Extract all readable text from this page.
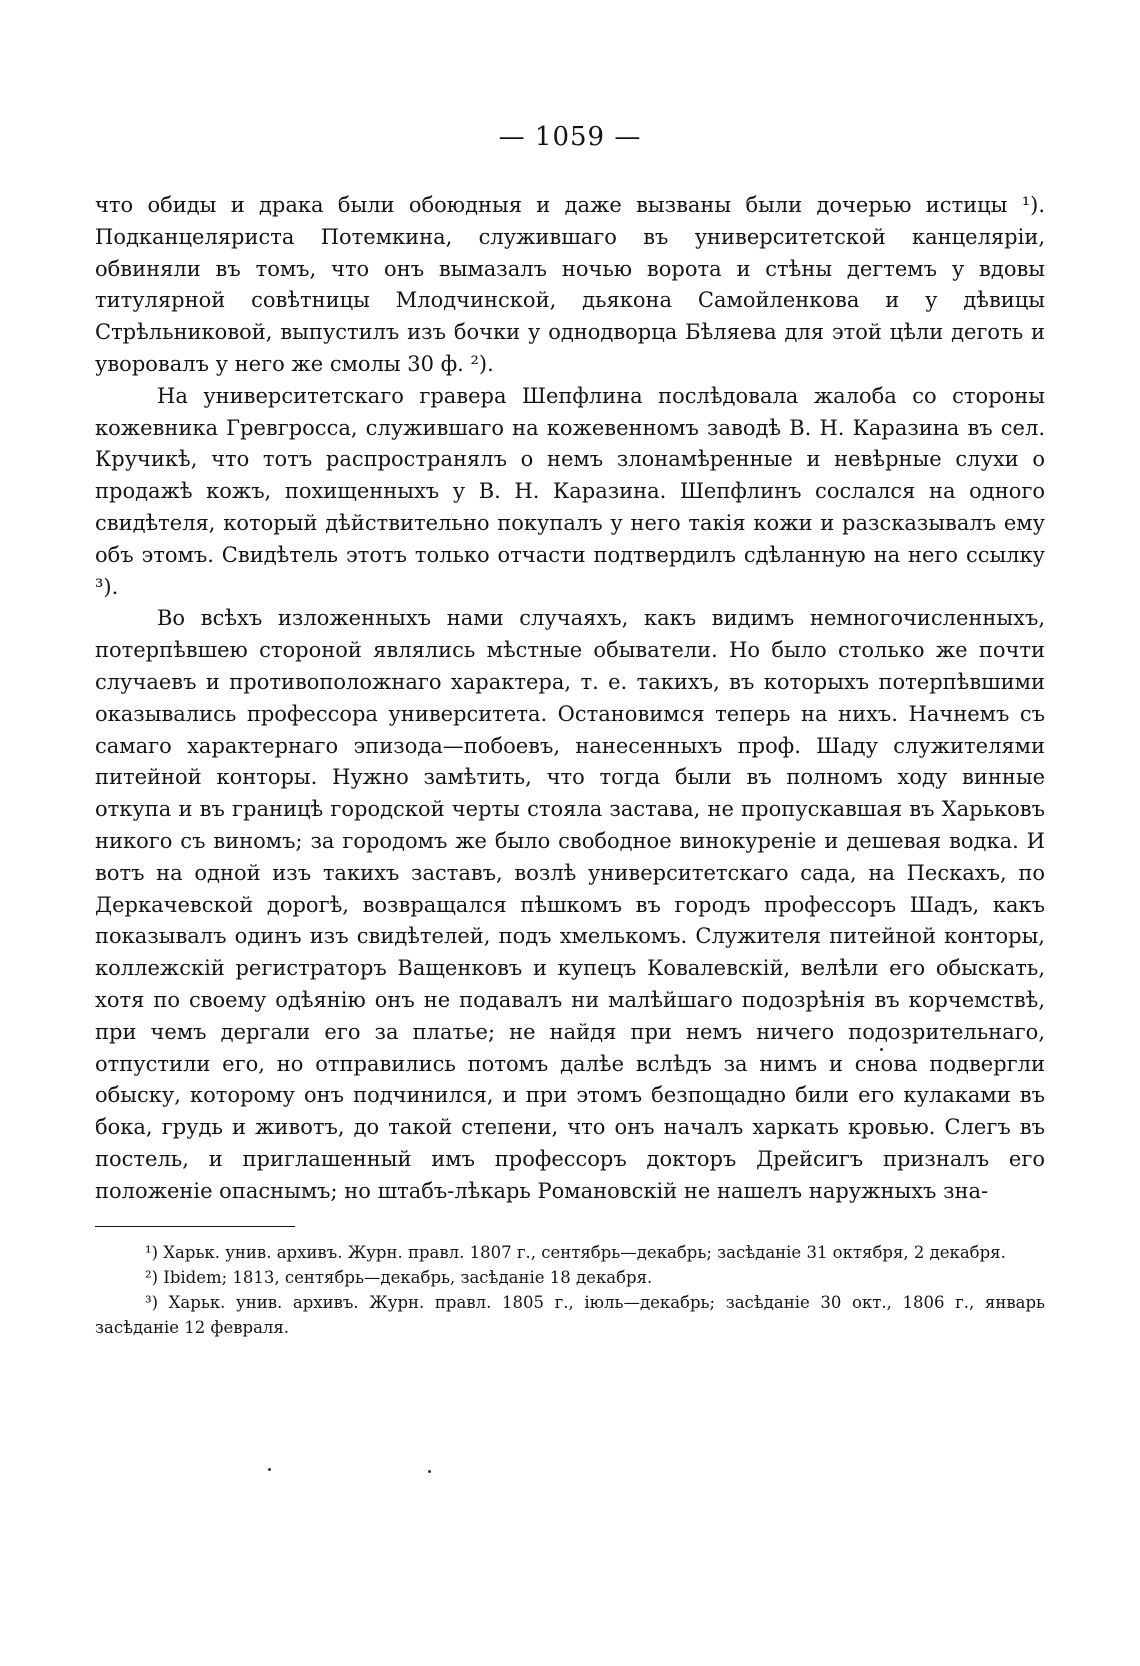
— 1059 —

что обиды и драка были обоюдныя и даже вызваны были дочерью истицы ¹). Подканцеляриста Потемкина, служившаго въ университетской канцеляріи, обвиняли въ томъ, что онъ вымазалъ ночью ворота и стѣны дегтемъ у вдовы титулярной совѣтницы Млодчинской, дьякона Самойленкова и у дѣвицы Стрѣльниковой, выпустилъ изъ бочки у однодворца Бѣляева для этой цѣли деготь и уворовалъ у него же смолы 30 ф. ²).

На университетскаго гравера Шепфлина послѣдовала жалоба со стороны кожевника Гревгросса, служившаго на кожевенномъ заводѣ В. Н. Каразина въ сел. Кручикѣ, что тотъ распространялъ о немъ злонамѣренные и невѣрные слухи о продажѣ кожъ, похищенныхъ у В. Н. Каразина. Шепфлинъ сослался на одного свидѣтеля, который дѣйствительно покупалъ у него такія кожи и разсказывалъ ему объ этомъ. Свидѣтель этотъ только отчасти подтвердилъ сдѣланную на него ссылку ³).

Во всѣхъ изложенныхъ нами случаяхъ, какъ видимъ немногочисленныхъ, потерпѣвшею стороной являлись мѣстные обыватели. Но было столько же почти случаевъ и противоположнаго характера, т. е. такихъ, въ которыхъ потерпѣвшими оказывались профессора университета. Остановимся теперь на нихъ. Начнемъ съ самаго характернаго эпизода—побоевъ, нанесенныхъ проф. Шаду служителями питейной конторы. Нужно замѣтить, что тогда были въ полномъ ходу винные откупа и въ границѣ городской черты стояла застава, не пропускавшая въ Харьковъ никого съ виномъ; за городомъ же было свободное винокуреніе и дешевая водка. И вотъ на одной изъ такихъ заставъ, возлѣ университетскаго сада, на Пескахъ, по Деркачевской дорогѣ, возвращался пѣшкомъ въ городъ профессоръ Шадъ, какъ показывалъ одинъ изъ свидѣтелей, подъ хмелькомъ. Служителя питейной конторы, коллежскій регистраторъ Ващенковъ и купецъ Ковалевскій, велѣли его обыскать, хотя по своему одѣянію онъ не подавалъ ни малѣйшаго подозрѣнія въ корчемствѣ, при чемъ дергали его за платье; не найдя при немъ ничего подозрительнаго, отпустили его, но отправились потомъ далѣе вслѣдъ за нимъ и снова подвергли обыску, которому онъ подчинился, и при этомъ безпощадно били его кулаками въ бока, грудь и животъ, до такой степени, что онъ началъ харкать кровью. Слегъ въ постель, и приглашенный имъ профессоръ докторъ Дрейсигъ призналъ его положеніе опаснымъ; но штабъ-лѣкарь Романовскій не нашелъ наружныхъ зна-

¹) Харьк. унив. архивъ. Журн. правл. 1807 г., сентябрь—декабрь; засѣданіе 31 октября, 2 декабря.

²) Ibidem; 1813, сентябрь—декабрь, засѣданіе 18 декабря.

³) Харьк. унив. архивъ. Журн. правл. 1805 г., іюль—декабрь; засѣданіе 30 окт., 1806 г., январь засѣданіе 12 февраля.
